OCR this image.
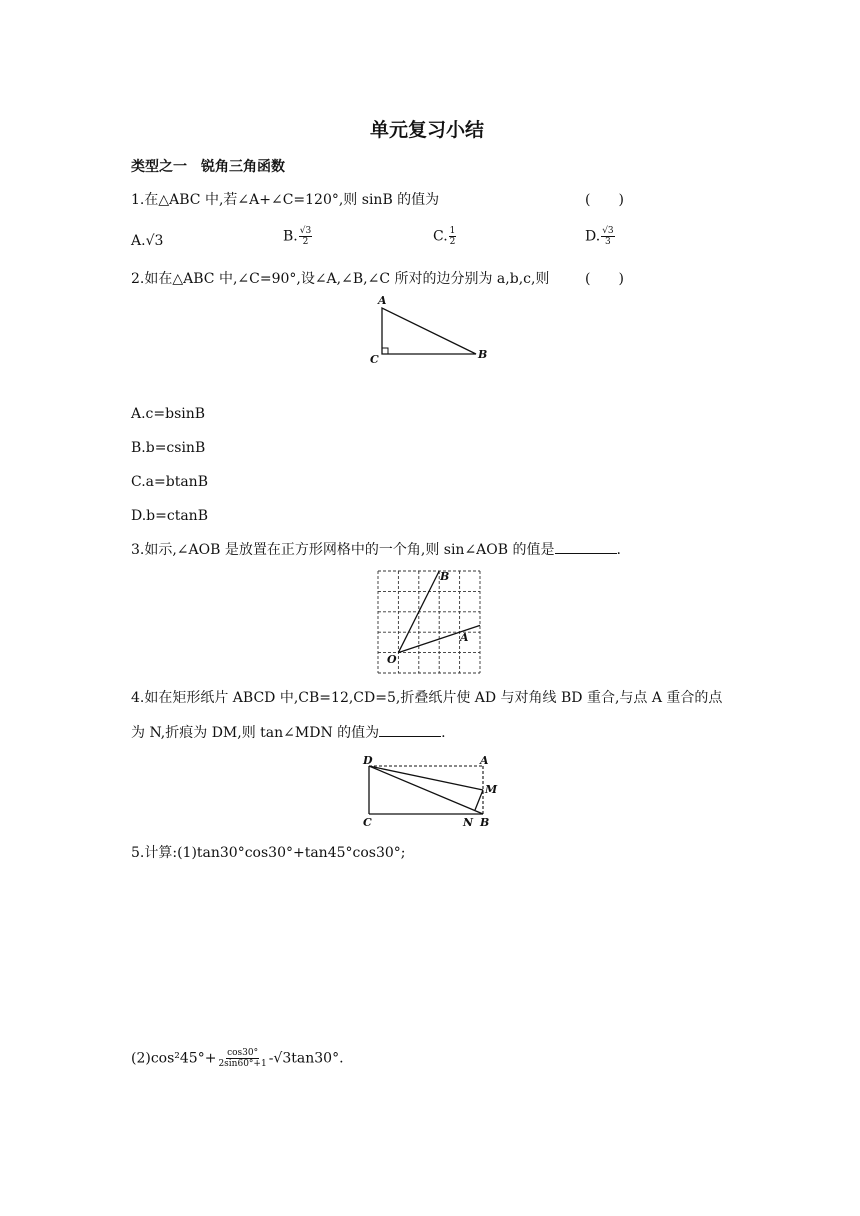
单元复习小结
类型之一　锐角三角函数
1.在△ABC 中,若∠A+∠C=120°,则 sinB 的值为	(　　)
A.√3	B. $\frac{√3}{2}$	C. $\frac{1}{2}$	D. $\frac{√3}{3}$
2.如在△ABC 中,∠C=90°,设∠A,∠B,∠C 所对的边分别为 a,b,c,则	(　　)
A
C	B
A.c=bsinB
B.b=csinB
C.a=btanB
D.b=ctanB
3.如示,∠AOB 是放置在正方形网格中的一个角,则 sin∠AOB 的值是	.
O
B
A
4.如在矩形纸片 ABCD 中,CB=12,CD=5,折叠纸片使 AD 与对角线 BD 重合,与点 A 重合的点
为 N,折痕为 DM,则 tan∠MDN 的值为	.
D	A
M
C	N B
5.计算:(1)tan30°cos30°+tan45°cos30°;
$(2)\cos^245^\circ+ \frac{\cos 30^\circ}{2\sin 60^\circ+1} -√3\tan 30^\circ$.
